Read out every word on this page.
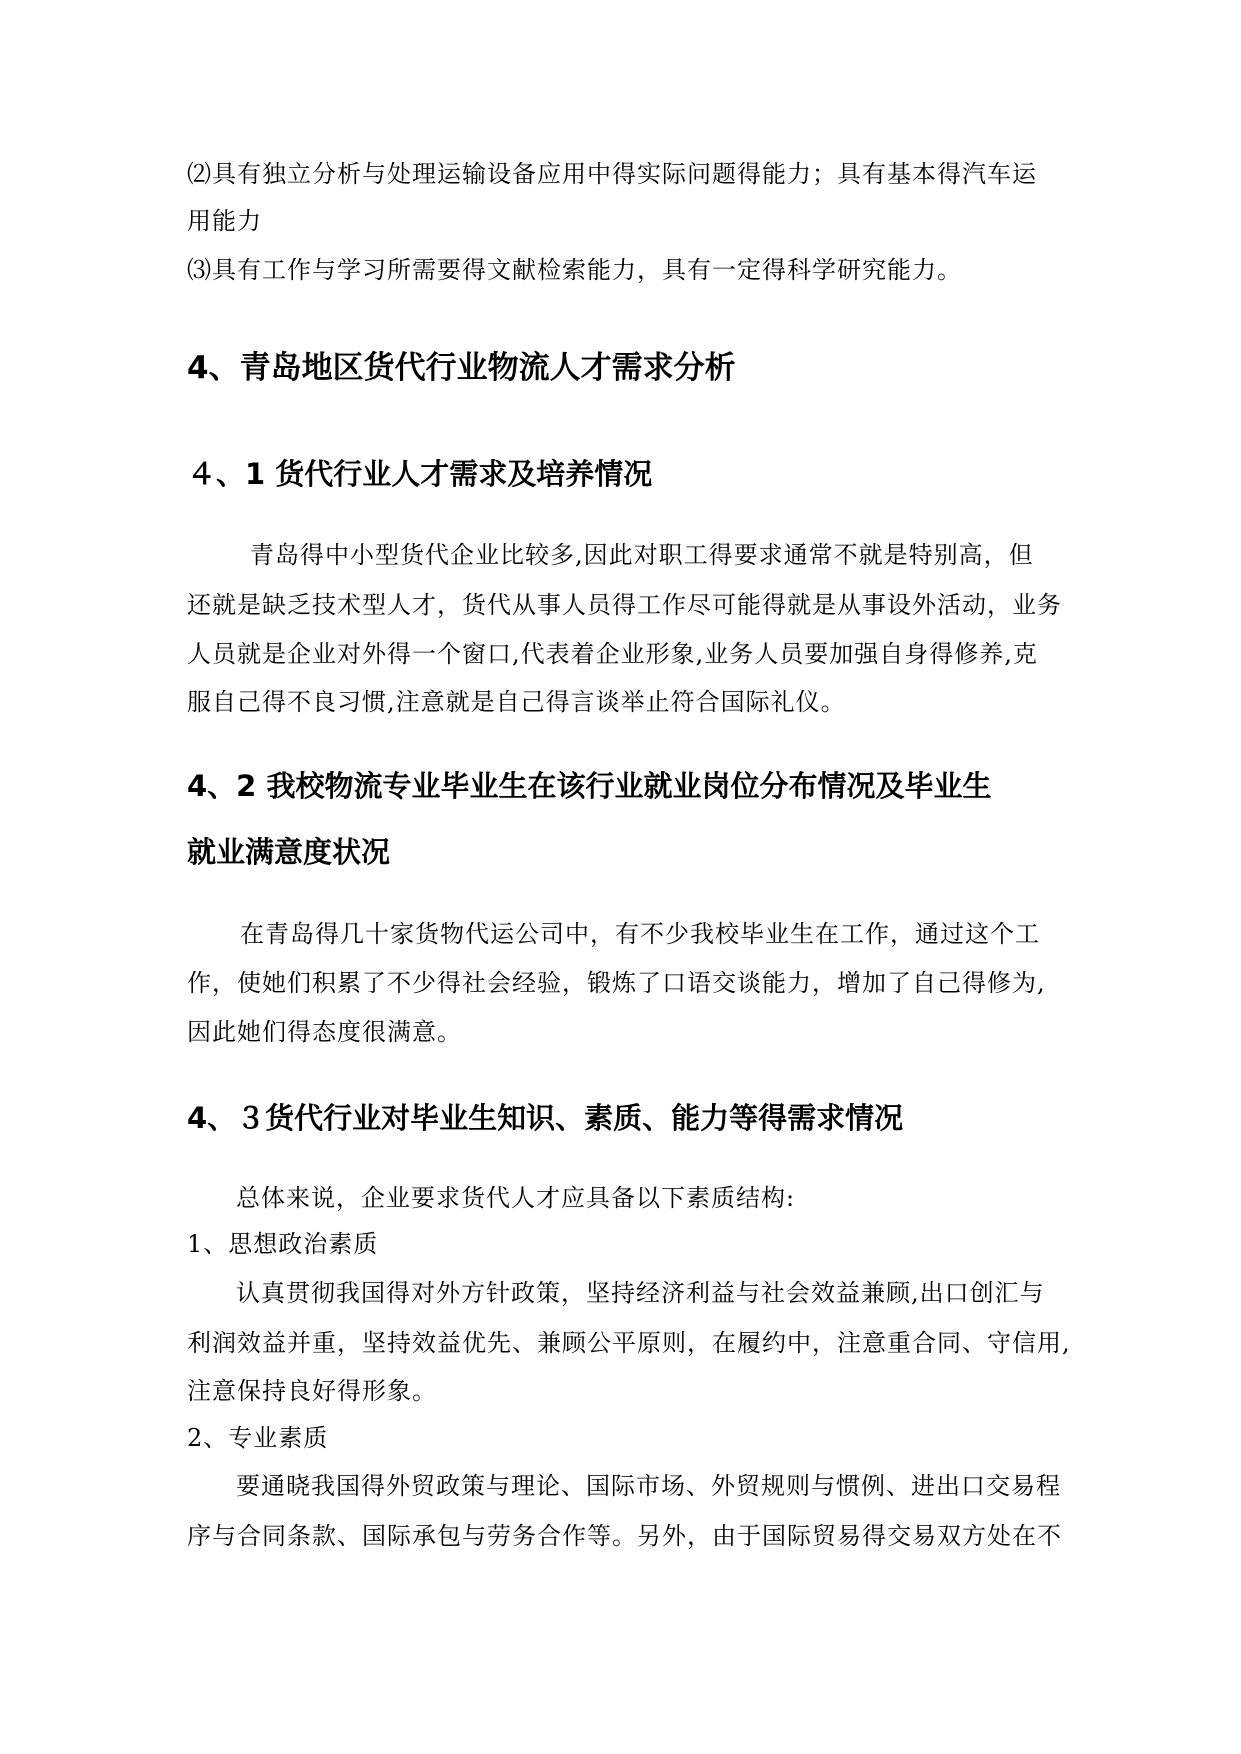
⑵具有独立分析与处理运输设备应用中得实际问题得能力；具有基本得汽车运
用能力
⑶具有工作与学习所需要得文献检索能力，具有一定得科学研究能力。
4、青岛地区货代行业物流人才需求分析
４、1 货代行业人才需求及培养情况
青岛得中小型货代企业比较多,因此对职工得要求通常不就是特别高，但
还就是缺乏技术型人才，货代从事人员得工作尽可能得就是从事设外活动，业务
人员就是企业对外得一个窗口,代表着企业形象,业务人员要加强自身得修养,克
服自己得不良习惯,注意就是自己得言谈举止符合国际礼仪。
4、2 我校物流专业毕业生在该行业就业岗位分布情况及毕业生
就业满意度状况
在青岛得几十家货物代运公司中，有不少我校毕业生在工作，通过这个工
作，使她们积累了不少得社会经验，锻炼了口语交谈能力，增加了自己得修为,
因此她们得态度很满意。
4、３货代行业对毕业生知识、素质、能力等得需求情况
总体来说，企业要求货代人才应具备以下素质结构:
1、思想政治素质
认真贯彻我国得对外方针政策，坚持经济利益与社会效益兼顾,出口创汇与
利润效益并重，坚持效益优先、兼顾公平原则，在履约中，注意重合同、守信用,
注意保持良好得形象。
2、专业素质
要通晓我国得外贸政策与理论、国际市场、外贸规则与惯例、进出口交易程
序与合同条款、国际承包与劳务合作等。另外，由于国际贸易得交易双方处在不
